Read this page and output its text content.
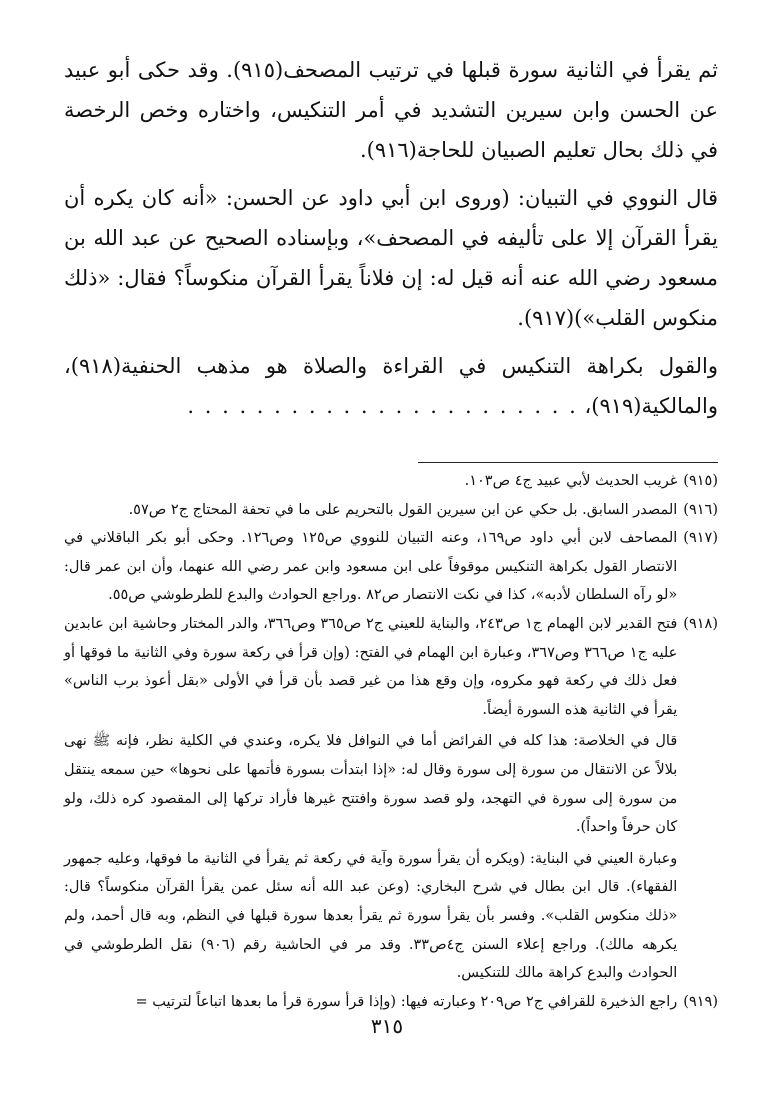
ثم يقرأ في الثانية سورة قبلها في ترتيب المصحف(٩١٥). وقد حكى أبو عبيد عن الحسن وابن سيرين التشديد في أمر التنكيس، واختاره وخص الرخصة في ذلك بحال تعليم الصبيان للحاجة(٩١٦).

قال النووي في التبيان: (وروى ابن أبي داود عن الحسن: «أنه كان يكره أن يقرأ القرآن إلا على تأليفه في المصحف»، وبإسناده الصحيح عن عبد الله بن مسعود رضي الله عنه أنه قيل له: إن فلاناً يقرأ القرآن منكوساً؟ فقال: «ذلك منكوس القلب»)(٩١٧).

والقول بكراهة التنكيس في القراءة والصلاة هو مذهب الحنفية(٩١٨)، والمالكية(٩١٩)، . . . . . . . . . . . . . . . . . . . . . . .

(٩١٥)

غريب الحديث لأبي عبيد ج٤ ص١٠٣.

(٩١٦)

المصدر السابق. بل حكي عن ابن سيرين القول بالتحريم على ما في تحفة المحتاج ج٢ ص٥٧.

(٩١٧)

المصاحف لابن أبي داود ص١٦٩، وعنه التبيان للنووي ص١٢٥ وص١٢٦. وحكى أبو بكر الباقلاني في الانتصار القول بكراهة التنكيس موقوفاً على ابن مسعود وابن عمر رضي الله عنهما، وأن ابن عمر قال: «لو رآه السلطان لأدبه»، كذا في نكت الانتصار ص٨٢ .وراجع الحوادث والبدع للطرطوشي ص٥٥.

(٩١٨)

فتح القدير لابن الهمام ج١ ص٢٤٣، والبناية للعيني ج٢ ص٣٦٥ وص٣٦٦، والدر المختار وحاشية ابن عابدين عليه ج١ ص٣٦٦ وص٣٦٧، وعبارة ابن الهمام في الفتح: (وإن قرأ في ركعة سورة وفي الثانية ما فوقها أو فعل ذلك في ركعة فهو مكروه، وإن وقع هذا من غير قصد بأن قرأ في الأولى «بقل أعوذ برب الناس» يقرأ في الثانية هذه السورة أيضاً.

قال في الخلاصة: هذا كله في الفرائض أما في النوافل فلا يكره، وعندي في الكلية نظر، فإنه ﷺ نهى بلالاً عن الانتقال من سورة إلى سورة وقال له: «إذا ابتدأت بسورة فأتمها على نحوها» حين سمعه ينتقل من سورة إلى سورة في التهجد، ولو قصد سورة وافتتح غيرها فأراد تركها إلى المقصود كره ذلك، ولو كان حرفاً واحداً).

وعبارة العيني في البناية: (ويكره أن يقرأ سورة وآية في ركعة ثم يقرأ في الثانية ما فوقها، وعليه جمهور الفقهاء). قال ابن بطال في شرح البخاري: (وعن عبد الله أنه سئل عمن يقرأ القرآن منكوساً؟ قال: «ذلك منكوس القلب». وفسر بأن يقرأ سورة ثم يقرأ بعدها سورة قبلها في النظم، وبه قال أحمد، ولم يكرهه مالك). وراجع إعلاء السنن ج٤ص٣٣. وقد مر في الحاشية رقم (٩٠٦) نقل الطرطوشي في الحوادث والبدع كراهة مالك للتنكيس.

(٩١٩)

راجع الذخيرة للقرافي ج٢ ص٢٠٩ وعبارته فيها: (وإذا قرأ سورة قرأ ما بعدها اتباعاً لترتيب =

٣١٥
